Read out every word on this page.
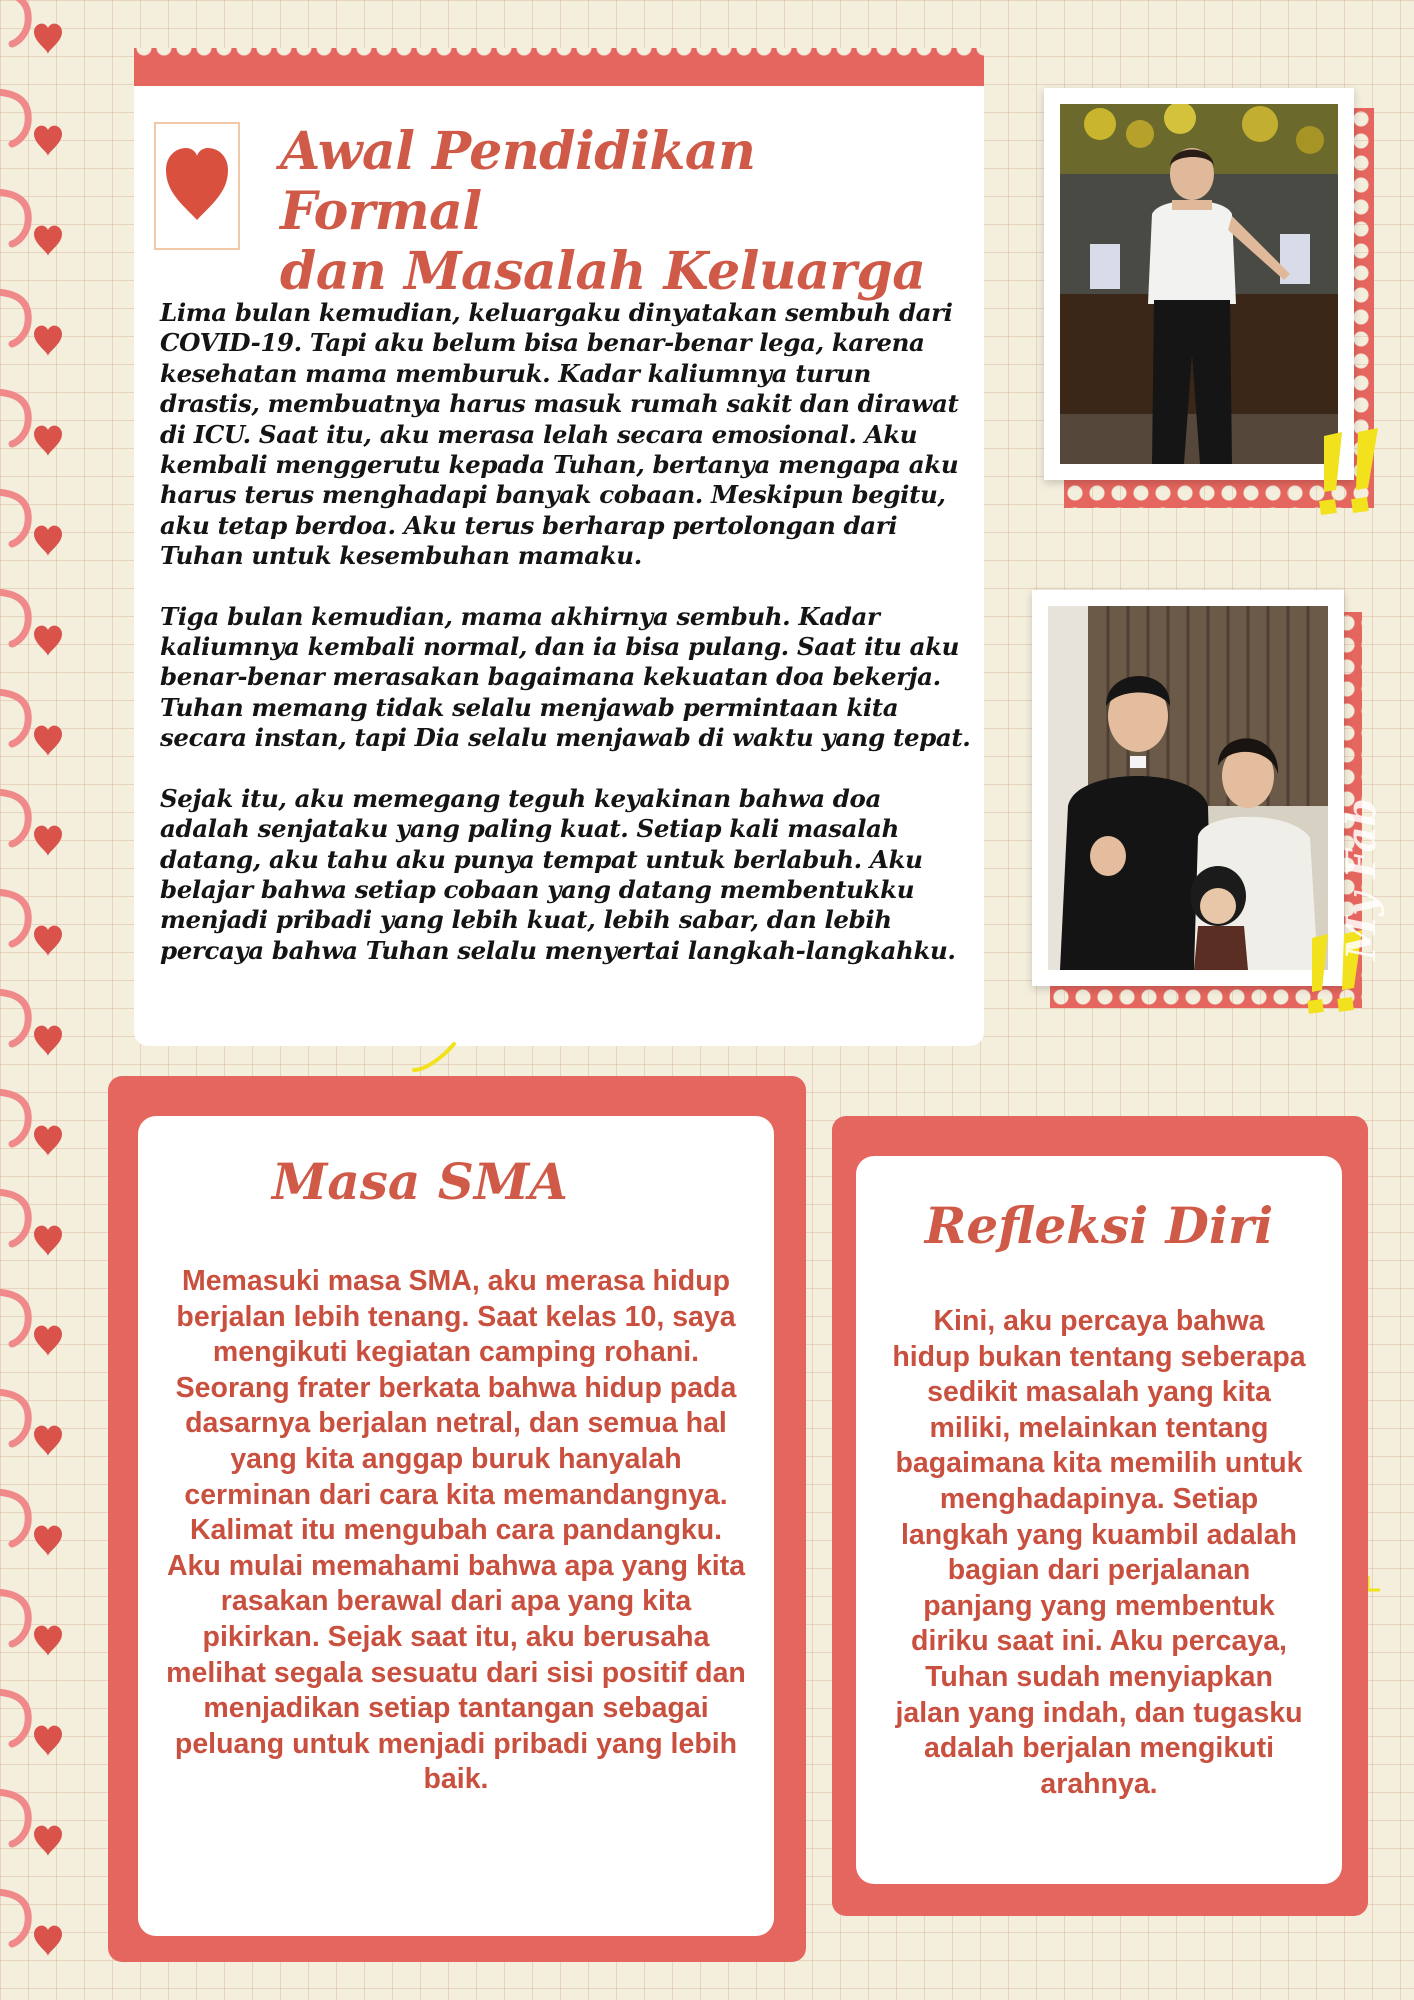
Awal Pendidikan Formal
dan Masalah Keluarga

Lima bulan kemudian, keluargaku dinyatakan sembuh dari COVID-19. Tapi aku belum bisa benar-benar lega, karena kesehatan mama memburuk. Kadar kaliumnya turun drastis, membuatnya harus masuk rumah sakit dan dirawat di ICU. Saat itu, aku merasa lelah secara emosional. Aku kembali menggerutu kepada Tuhan, bertanya mengapa aku harus terus menghadapi banyak cobaan. Meskipun begitu, aku tetap berdoa. Aku terus berharap pertolongan dari Tuhan untuk kesembuhan mamaku.

Tiga bulan kemudian, mama akhirnya sembuh. Kadar kaliumnya kembali normal, dan ia bisa pulang. Saat itu aku benar-benar merasakan bagaimana kekuatan doa bekerja. Tuhan memang tidak selalu menjawab permintaan kita secara instan, tapi Dia selalu menjawab di waktu yang tepat.

Sejak itu, aku memegang teguh keyakinan bahwa doa adalah senjataku yang paling kuat. Setiap kali masalah datang, aku tahu aku punya tempat untuk berlabuh. Aku belajar bahwa setiap cobaan yang datang membentukku menjadi pribadi yang lebih kuat, lebih sabar, dan lebih percaya bahwa Tuhan selalu menyertai langkah-langkahku.	My Fab
Masa SMA
Memasuki masa SMA, aku merasa hidup berjalan lebih tenang. Saat kelas 10, saya mengikuti kegiatan camping rohani. Seorang frater berkata bahwa hidup pada dasarnya berjalan netral, dan semua hal yang kita anggap buruk hanyalah cerminan dari cara kita memandangnya. Kalimat itu mengubah cara pandangku. Aku mulai memahami bahwa apa yang kita rasakan berawal dari apa yang kita pikirkan. Sejak saat itu, aku berusaha melihat segala sesuatu dari sisi positif dan menjadikan setiap tantangan sebagai peluang untuk menjadi pribadi yang lebih baik.
Refleksi Diri
Kini, aku percaya bahwa hidup bukan tentang seberapa sedikit masalah yang kita miliki, melainkan tentang bagaimana kita memilih untuk menghadapinya. Setiap langkah yang kuambil adalah bagian dari perjalanan panjang yang membentuk diriku saat ini. Aku percaya, Tuhan sudah menyiapkan jalan yang indah, dan tugasku adalah berjalan mengikuti arahnya.
